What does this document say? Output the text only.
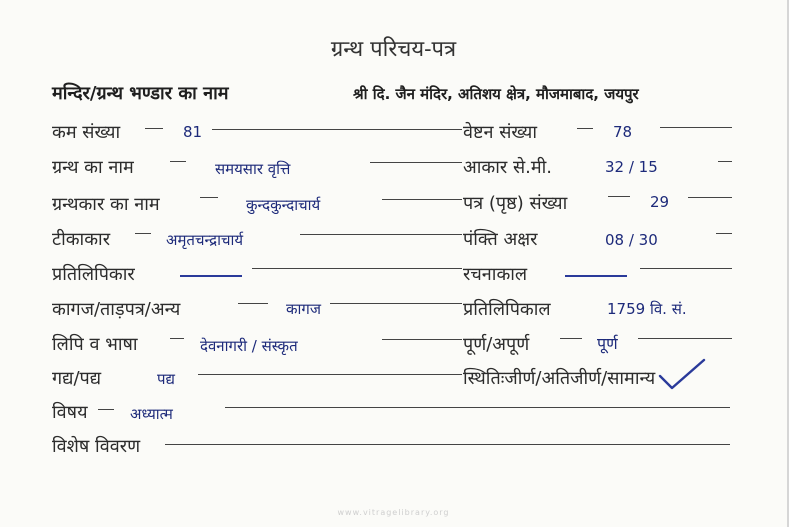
ग्रन्थ परिचय-पत्र
मन्दिर/ग्रन्थ भण्डार का नाम	श्री दि. जैन मंदिर, अतिशय क्षेत्र, मौजमाबाद, जयपुर
कम संख्या	81
ग्रन्थ का नाम	समयसार वृत्ति
ग्रन्थकार का नाम	कुन्दकुन्दाचार्य
टीकाकार	अमृतचन्द्राचार्य
प्रतिलिपिकार
कागज/ताड़पत्र/अन्य	कागज
लिपि व भाषा	देवनागरी / संस्कृत
गद्य/पद्य	पद्य
विषय	अध्यात्म
विशेष विवरण
वेष्टन संख्या	78
आकार से.मी.	32 / 15
पत्र (पृष्ठ) संख्या	29
पंक्ति अक्षर	08 / 30
रचनाकाल
प्रतिलिपिकाल	1759 वि. सं.
पूर्ण/अपूर्ण	पूर्ण
स्थितिःजीर्ण/अतिजीर्ण/सामान्य
www.vitragelibrary.org
